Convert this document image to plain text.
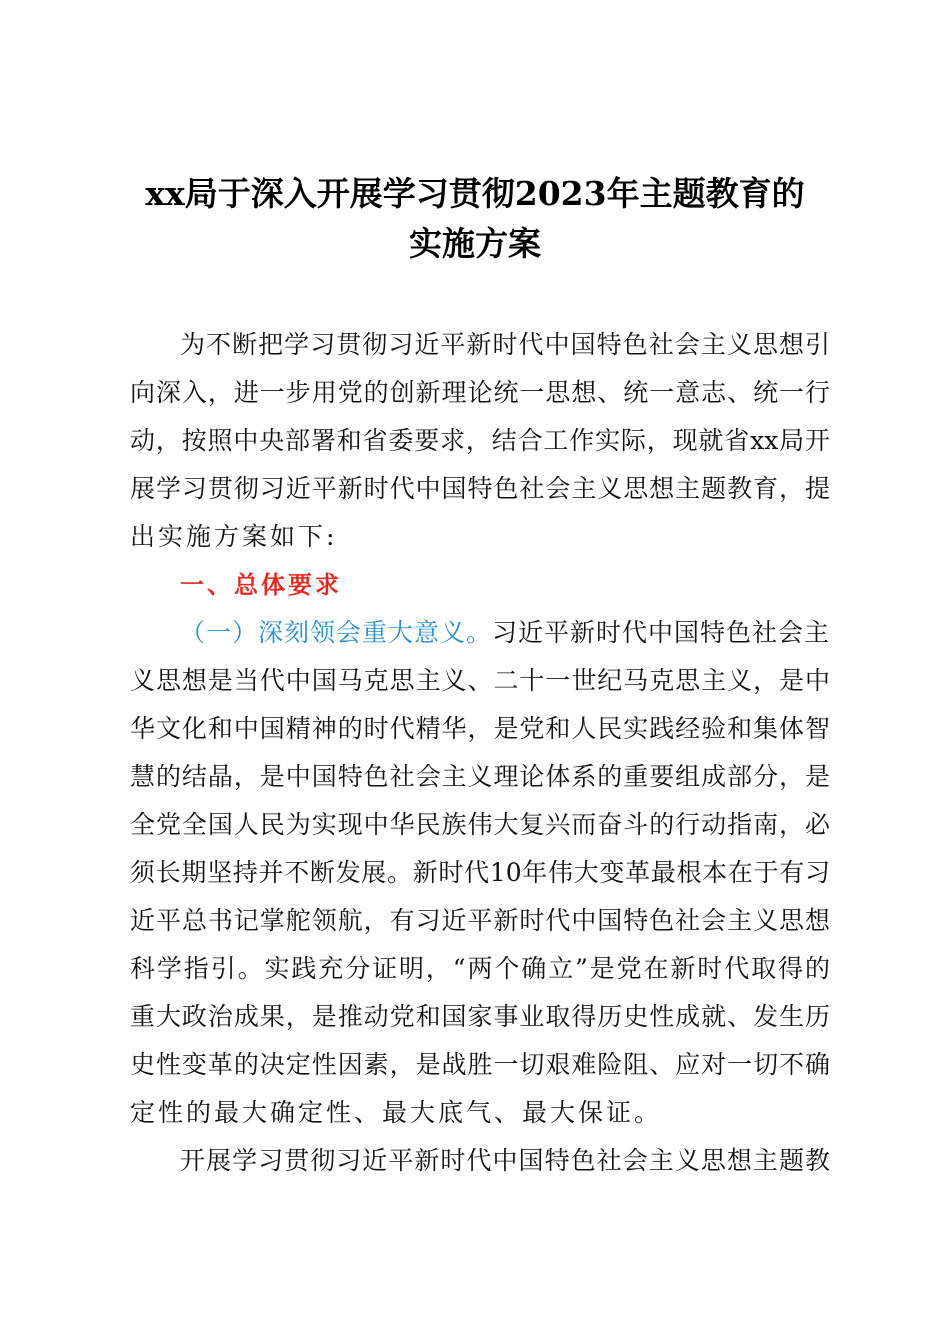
xx局于深入开展学习贯彻2023年主题教育的
实施方案
为不断把学习贯彻习近平新时代中国特色社会主义思想引
向深入，进一步用党的创新理论统一思想、统一意志、统一行
动，按照中央部署和省委要求，结合工作实际，现就省xx局开
展学习贯彻习近平新时代中国特色社会主义思想主题教育，提
出实施方案如下:
一、总体要求
（一）深刻领会重大意义。习近平新时代中国特色社会主
义思想是当代中国马克思主义、二十一世纪马克思主义，是中
华文化和中国精神的时代精华，是党和人民实践经验和集体智
慧的结晶，是中国特色社会主义理论体系的重要组成部分，是
全党全国人民为实现中华民族伟大复兴而奋斗的行动指南，必
须长期坚持并不断发展。新时代10年伟大变革最根本在于有习
近平总书记掌舵领航，有习近平新时代中国特色社会主义思想
科学指引。实践充分证明，“两个确立”是党在新时代取得的
重大政治成果，是推动党和国家事业取得历史性成就、发生历
史性变革的决定性因素，是战胜一切艰难险阻、应对一切不确
定性的最大确定性、最大底气、最大保证。
开展学习贯彻习近平新时代中国特色社会主义思想主题教
